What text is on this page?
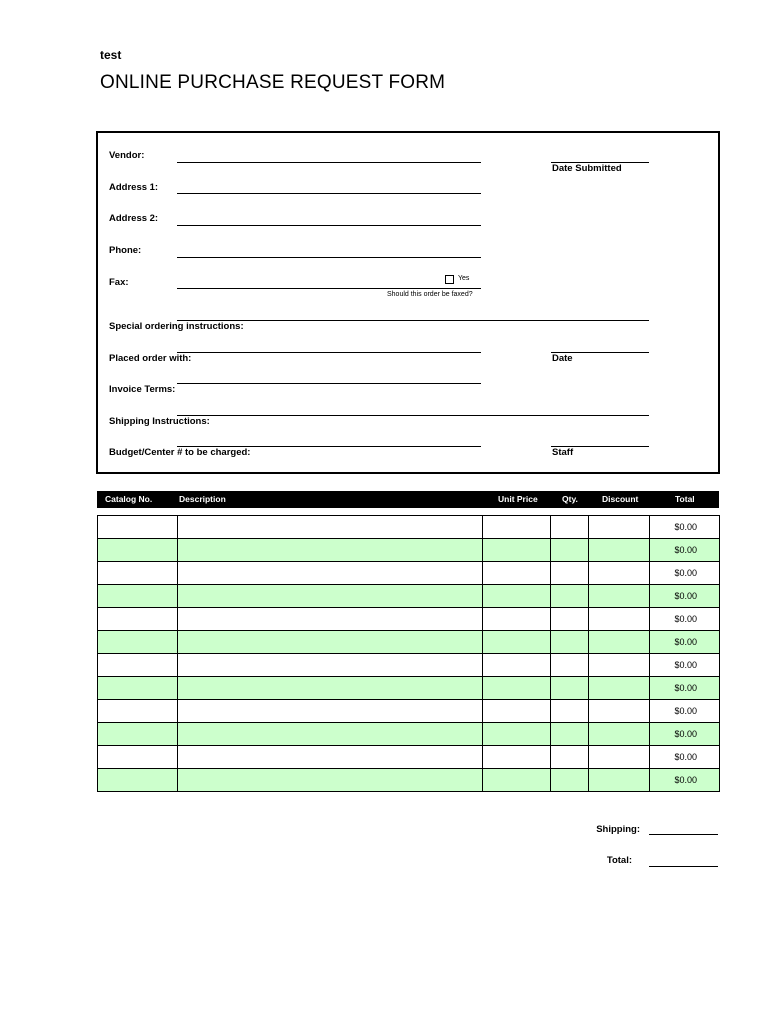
test
ONLINE PURCHASE REQUEST FORM
Vendor:
Date Submitted
Address 1:
Address 2:
Phone:
Fax:	Yes
Should this order be faxed?
Special ordering instructions:
Placed order with:	Date
Invoice Terms:
Shipping Instructions:
Budget/Center # to be charged:	Staff
Catalog No.	Description	Unit Price	Qty.	Discount	Total
					$0.00
					$0.00
					$0.00
					$0.00
					$0.00
					$0.00
					$0.00
					$0.00
					$0.00
					$0.00
					$0.00
					$0.00
Shipping:
Total:
